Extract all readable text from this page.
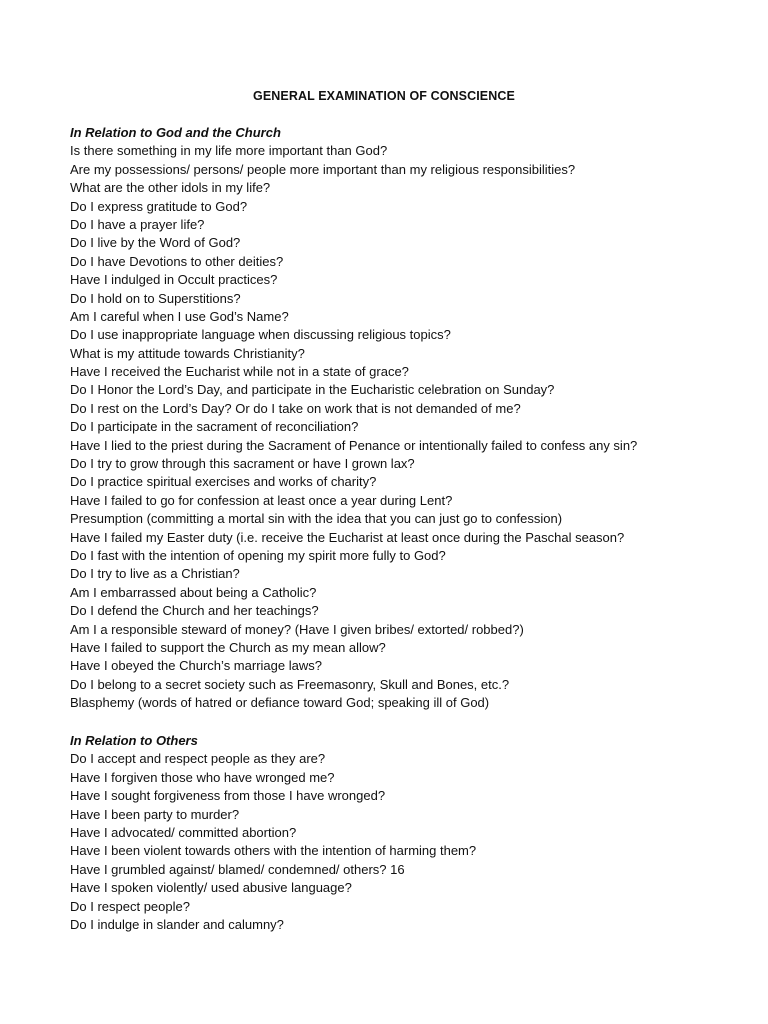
GENERAL EXAMINATION OF CONSCIENCE
In Relation to God and the Church
Is there something in my life more important than God?
Are my possessions/ persons/ people more important than my religious responsibilities?
What are the other idols in my life?
Do I express gratitude to God?
Do I have a prayer life?
Do I live by the Word of God?
Do I have Devotions to other deities?
Have I indulged in Occult practices?
Do I hold on to Superstitions?
Am I careful when I use God’s Name?
Do I use inappropriate language when discussing religious topics?
What is my attitude towards Christianity?
Have I received the Eucharist while not in a state of grace?
Do I Honor the Lord’s Day, and participate in the Eucharistic celebration on Sunday?
Do I rest on the Lord’s Day? Or do I take on work that is not demanded of me?
Do I participate in the sacrament of reconciliation?
Have I lied to the priest during the Sacrament of Penance or intentionally failed to confess any sin?
Do I try to grow through this sacrament or have I grown lax?
Do I practice spiritual exercises and works of charity?
Have I failed to go for confession at least once a year during Lent?
Presumption (committing a mortal sin with the idea that you can just go to confession)
Have I failed my Easter duty (i.e. receive the Eucharist at least once during the Paschal season?
Do I fast with the intention of opening my spirit more fully to God?
Do I try to live as a Christian?
Am I embarrassed about being a Catholic?
Do I defend the Church and her teachings?
Am I a responsible steward of money? (Have I given bribes/ extorted/ robbed?)
Have I failed to support the Church as my mean allow?
Have I obeyed the Church’s marriage laws?
Do I belong to a secret society such as Freemasonry, Skull and Bones, etc.?
Blasphemy (words of hatred or defiance toward God; speaking ill of God)
In Relation to Others
Do I accept and respect people as they are?
Have I forgiven those who have wronged me?
Have I sought forgiveness from those I have wronged?
Have I been party to murder?
Have I advocated/ committed abortion?
Have I been violent towards others with the intention of harming them?
Have I grumbled against/ blamed/ condemned/ others? 16
Have I spoken violently/ used abusive language?
Do I respect people?
Do I indulge in slander and calumny?
